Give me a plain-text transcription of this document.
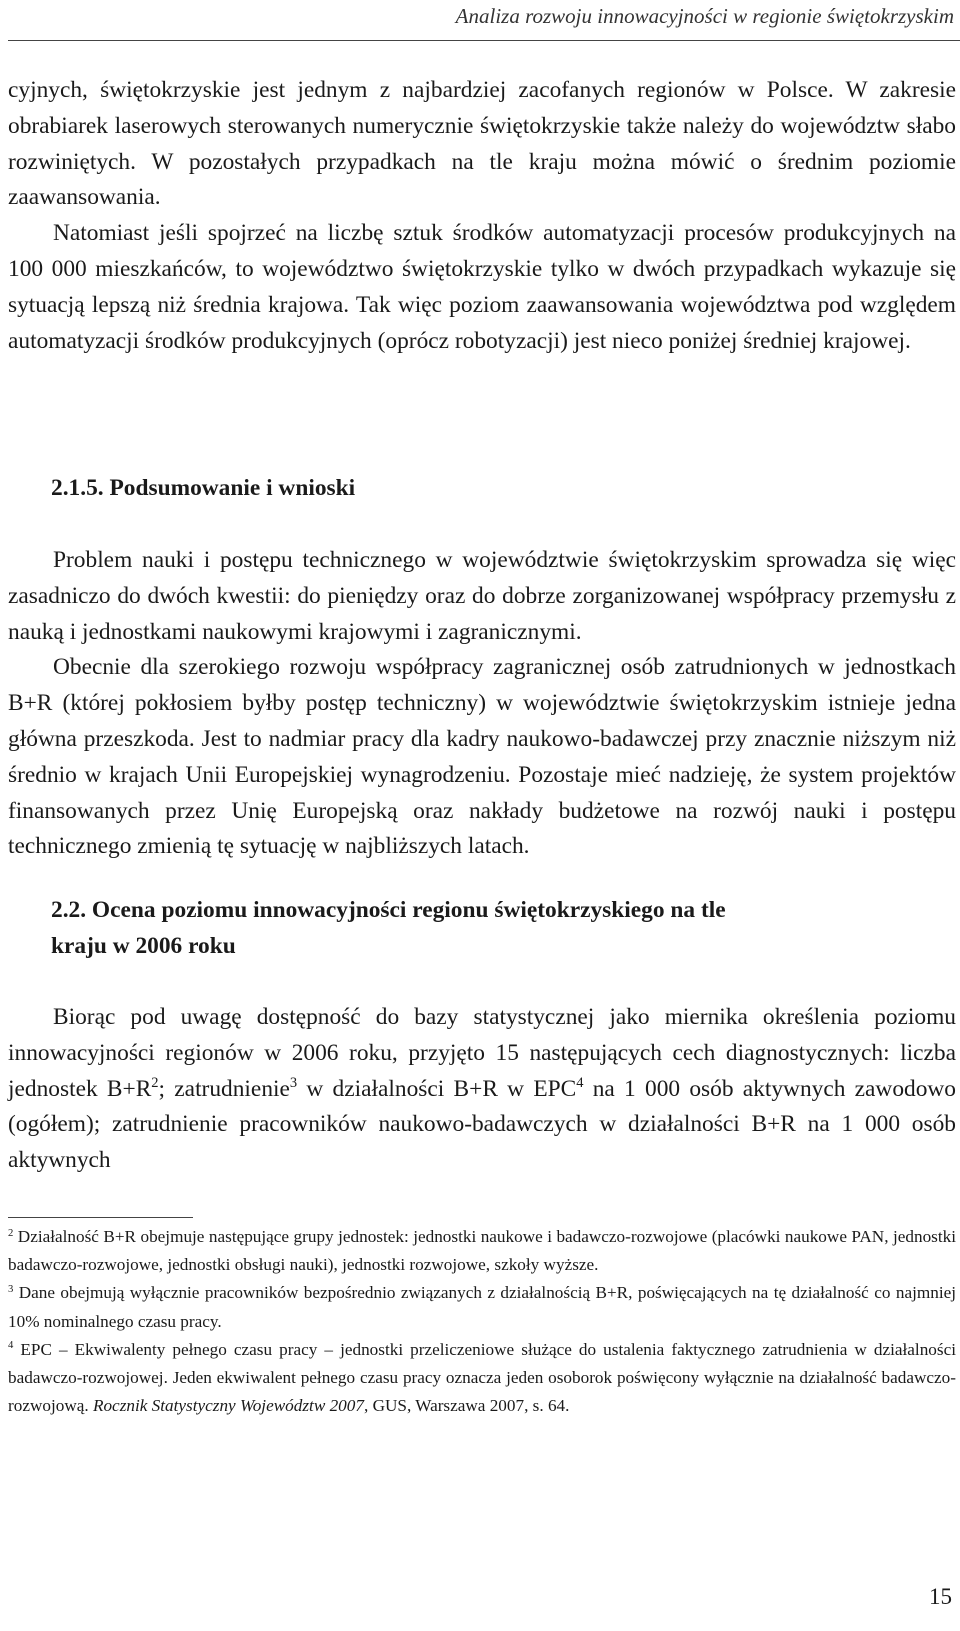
Analiza rozwoju innowacyjności w regionie świętokrzyskim

cyjnych, świętokrzyskie jest jednym z najbardziej zacofanych regionów w Polsce. W zakresie obrabiarek laserowych sterowanych numerycznie świętokrzyskie także należy do województw słabo rozwiniętych. W pozostałych przypadkach na tle kraju można mówić o średnim poziomie zaawansowania.

Natomiast jeśli spojrzeć na liczbę sztuk środków automatyzacji procesów produkcyjnych na 100 000 mieszkańców, to województwo świętokrzyskie tylko w dwóch przypadkach wykazuje się sytuacją lepszą niż średnia krajowa. Tak więc poziom zaawansowania województwa pod względem automatyzacji środków produkcyjnych (oprócz robotyzacji) jest nieco poniżej średniej krajowej.

2.1.5. Podsumowanie i wnioski

Problem nauki i postępu technicznego w województwie świętokrzyskim sprowadza się więc zasadniczo do dwóch kwestii: do pieniędzy oraz do dobrze zorganizowanej współpracy przemysłu z nauką i jednostkami naukowymi krajowymi i zagranicznymi.

Obecnie dla szerokiego rozwoju współpracy zagranicznej osób zatrudnionych w jednostkach B+R (której pokłosiem byłby postęp techniczny) w województwie świętokrzyskim istnieje jedna główna przeszkoda. Jest to nadmiar pracy dla kadry naukowo-badawczej przy znacznie niższym niż średnio w krajach Unii Europejskiej wynagrodzeniu. Pozostaje mieć nadzieję, że system projektów finansowanych przez Unię Europejską oraz nakłady budżetowe na rozwój nauki i postępu technicznego zmienią tę sytuację w najbliższych latach.

2.2. Ocena poziomu innowacyjności regionu świętokrzyskiego na tle
kraju w 2006 roku

Biorąc pod uwagę dostępność do bazy statystycznej jako miernika określenia poziomu innowacyjności regionów w 2006 roku, przyjęto 15 następujących cech diagnostycznych: liczba jednostek $B+R^2$; zatrudnienie$^3$ w działalności B+R w EPC$^4$ na 1 000 osób aktywnych zawodowo (ogółem); zatrudnienie pracowników naukowo-badawczych w działalności B+R na 1 000 osób aktywnych

$^2$ Działalność B+R obejmuje następujące grupy jednostek: jednostki naukowe i badawczo-rozwojowe (placówki naukowe PAN, jednostki badawczo-rozwojowe, jednostki obsługi nauki), jednostki rozwojowe, szkoły wyższe.

$^3$ Dane obejmują wyłącznie pracowników bezpośrednio związanych z działalnością B+R, poświęcających na tę działalność co najmniej 10% nominalnego czasu pracy.

$^4$ EPC – Ekwiwalenty pełnego czasu pracy – jednostki przeliczeniowe służące do ustalenia faktycznego zatrudnienia w działalności badawczo-rozwojowej. Jeden ekwiwalent pełnego czasu pracy oznacza jeden osoborok poświęcony wyłącznie na działalność badawczo-rozwojową. Rocznik Statystyczny Województw 2007, GUS, Warszawa 2007, s. 64.

15
